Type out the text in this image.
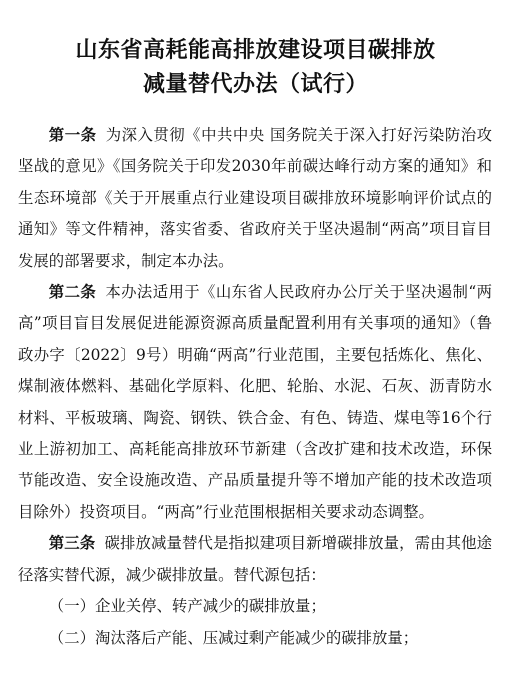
山东省高耗能高排放建设项目碳排放
减量替代办法（试行）

第一条 为深入贯彻《中共中央 国务院关于深入打好污染防治攻坚战的意见》《国务院关于印发2030年前碳达峰行动方案的通知》和生态环境部《关于开展重点行业建设项目碳排放环境影响评价试点的通知》等文件精神，落实省委、省政府关于坚决遏制“两高”项目盲目发展的部署要求，制定本办法。

第二条 本办法适用于《山东省人民政府办公厅关于坚决遏制“两高”项目盲目发展促进能源资源高质量配置利用有关事项的通知》（鲁政办字〔2022〕9号）明确“两高”行业范围，主要包括炼化、焦化、煤制液体燃料、基础化学原料、化肥、轮胎、水泥、石灰、沥青防水材料、平板玻璃、陶瓷、钢铁、铁合金、有色、铸造、煤电等16个行业上游初加工、高耗能高排放环节新建（含改扩建和技术改造，环保节能改造、安全设施改造、产品质量提升等不增加产能的技术改造项目除外）投资项目。“两高”行业范围根据相关要求动态调整。

第三条 碳排放减量替代是指拟建项目新增碳排放量，需由其他途径落实替代源，减少碳排放量。替代源包括：

（一）企业关停、转产减少的碳排放量；

（二）淘汰落后产能、压减过剩产能减少的碳排放量；
